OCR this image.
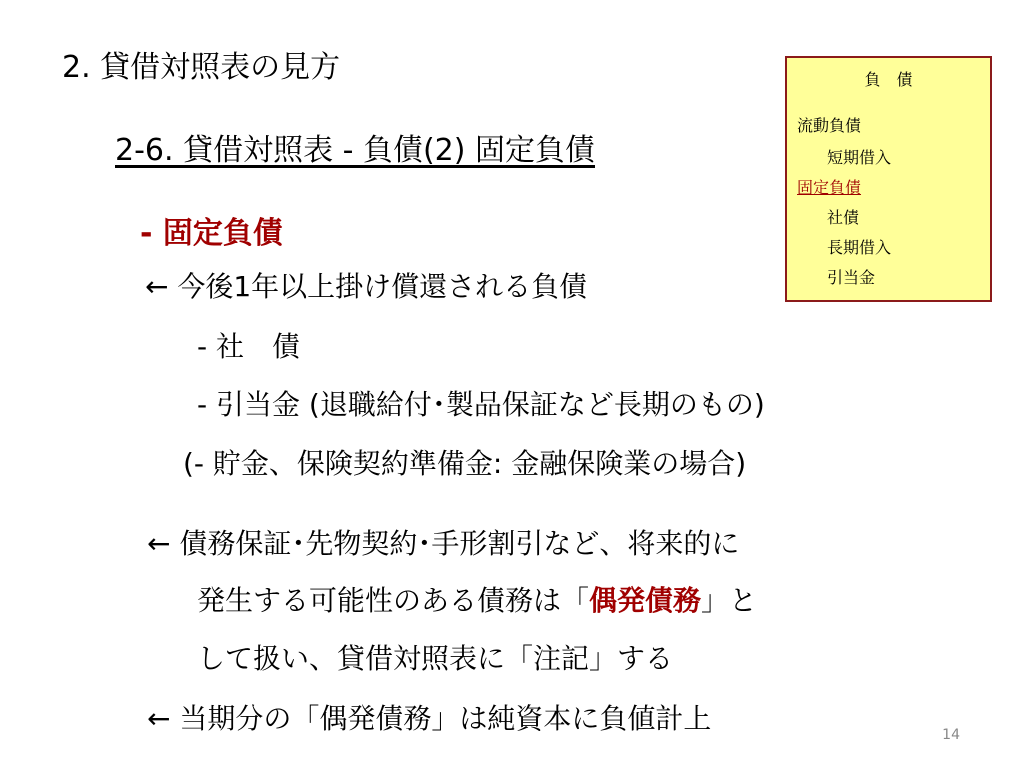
2. 貸借対照表の見方
2-6. 貸借対照表 - 負債(2) 固定負債
- 固定負債
← 今後1年以上掛け償還される負債
- 社　債
- 引当金 (退職給付･製品保証など長期のもの)
(- 貯金、保険契約準備金: 金融保険業の場合)
← 債務保証･先物契約･手形割引など、将来的に
発生する可能性のある債務は「偶発債務」と
して扱い、貸借対照表に「注記」する
← 当期分の「偶発債務」は純資本に負値計上
負　債
流動負債
短期借入
固定負債
社債
長期借入
引当金
14
